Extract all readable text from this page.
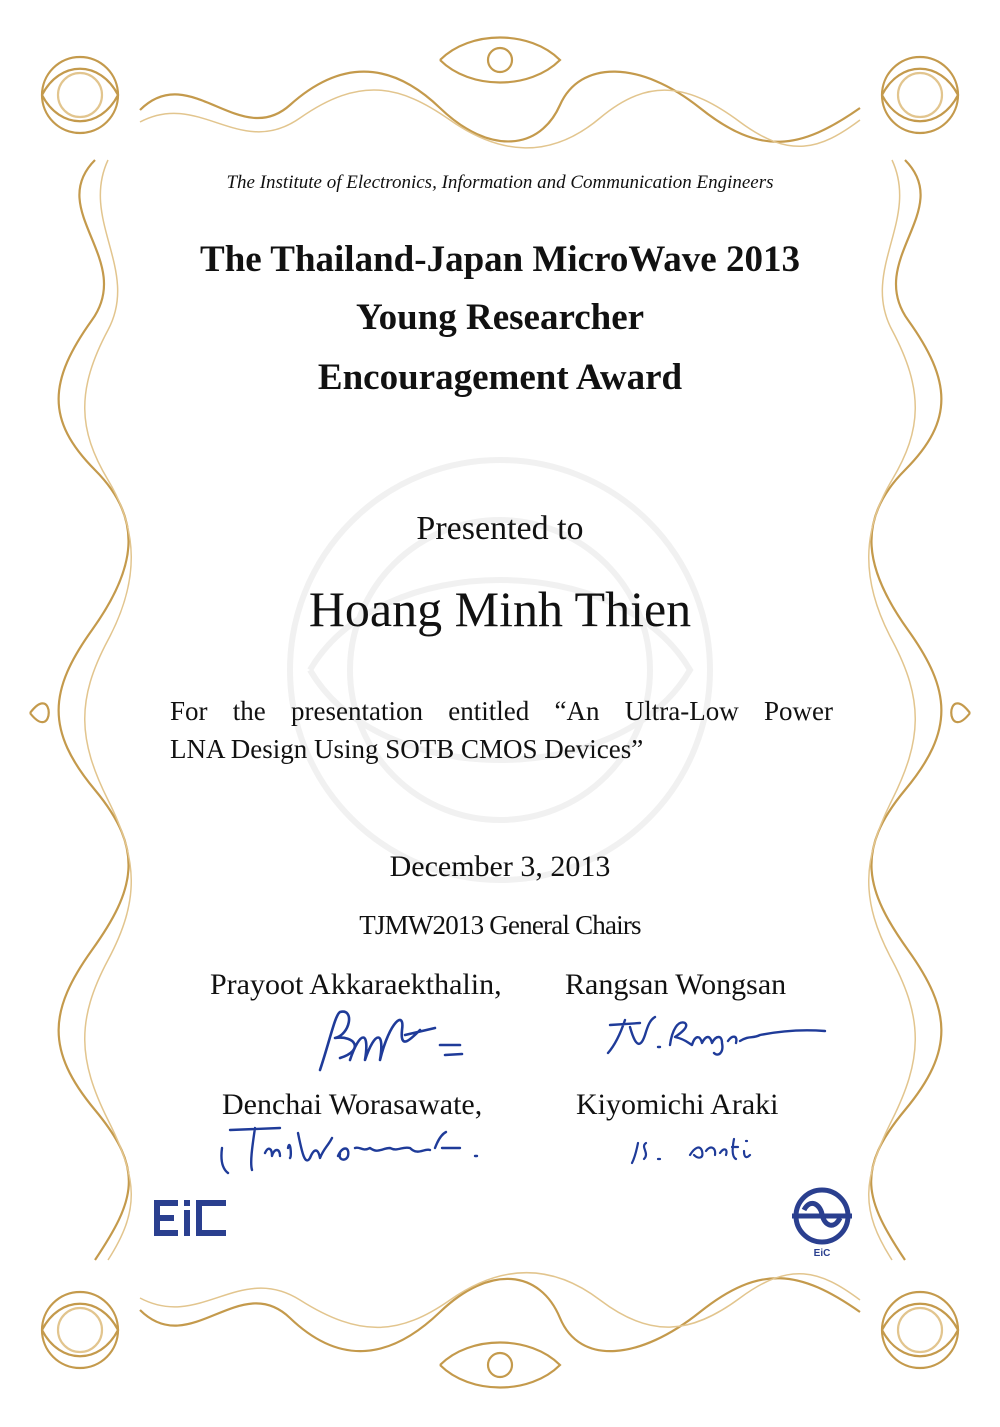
The Institute of Electronics, Information and Communication Engineers
The Thailand-Japan MicroWave 2013
Young Researcher
Encouragement Award
Presented to
Hoang Minh Thien
For the presentation entitled “An Ultra-Low Power
LNA Design Using SOTB CMOS Devices”
December 3, 2013
TJMW2013 General Chairs
Prayoot Akkaraekthalin, Rangsan Wongsan
Denchai Worasawate,	Kiyomichi Araki
EiC
